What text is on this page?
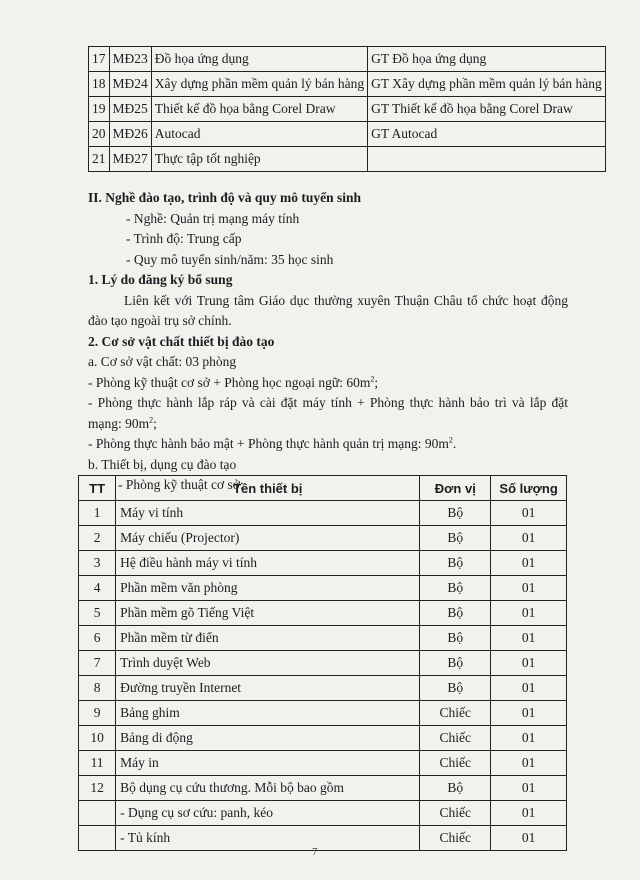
17	MĐ23	Đồ họa ứng dụng	GT Đồ họa ứng dụng
18	MĐ24	Xây dựng phần mềm quản lý bán hàng	GT Xây dựng phần mềm quản lý bán hàng
19	MĐ25	Thiết kế đồ họa bằng Corel Draw	GT Thiết kế đồ họa bằng Corel Draw
20	MĐ26	Autocad	GT Autocad
21	MĐ27	Thực tập tốt nghiệp	

II. Nghề đào tạo, trình độ và quy mô tuyển sinh

- Nghề: Quản trị mạng máy tính

- Trình độ: Trung cấp

- Quy mô tuyển sinh/năm: 35 học sinh

1. Lý do đăng ký bổ sung

Liên kết với Trung tâm Giáo dục thường xuyên Thuận Châu tổ chức hoạt động đào tạo ngoài trụ sở chính.

2. Cơ sở vật chất thiết bị đào tạo

a. Cơ sở vật chất: 03 phòng

- Phòng kỹ thuật cơ sở + Phòng học ngoại ngữ: $60m^2$;

- Phòng thực hành lắp ráp và cài đặt máy tính + Phòng thực hành bảo trì và lắp đặt mạng: $90m^2$;

- Phòng thực hành bảo mật + Phòng thực hành quản trị mạng: $90m^2$.

b. Thiết bị, dụng cụ đào tạo

- Phòng kỹ thuật cơ sở:

TT	Tên thiết bị	Đơn vị	Số lượng
1	Máy vi tính	Bộ	01
2	Máy chiếu (Projector)	Bộ	01
3	Hệ điều hành máy vi tính	Bộ	01
4	Phần mềm văn phòng	Bộ	01
5	Phần mềm gõ Tiếng Việt	Bộ	01
6	Phần mềm từ điển	Bộ	01
7	Trình duyệt Web	Bộ	01
8	Đường truyền Internet	Bộ	01
9	Bảng ghim	Chiếc	01
10	Bảng di động	Chiếc	01
11	Máy in	Chiếc	01
12	Bộ dụng cụ cứu thương. Mỗi bộ bao gồm	Bộ	01
	- Dụng cụ sơ cứu: panh, kéo	Chiếc	01
	- Tủ kính	Chiếc	01
7
